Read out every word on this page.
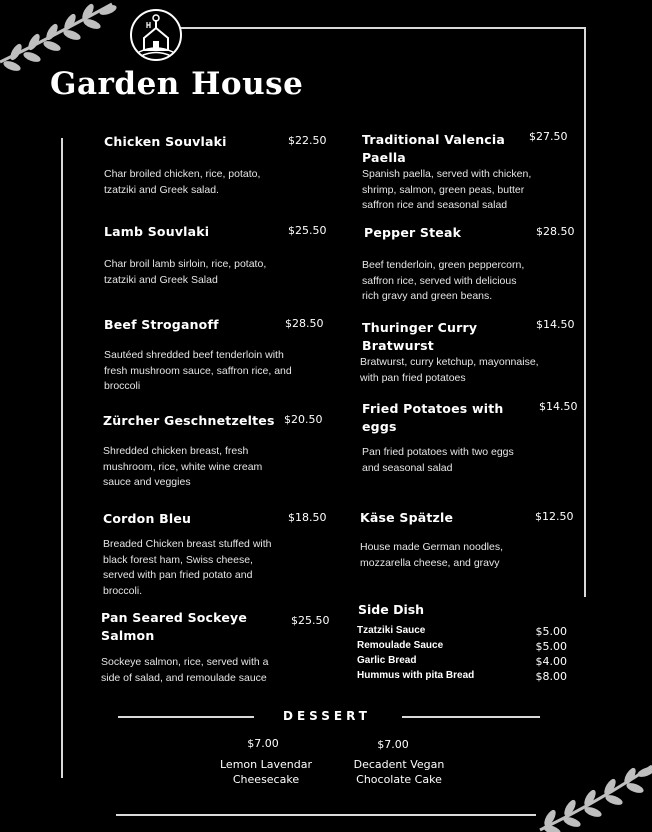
Garden House
Chicken Souvlaki	$22.50
Char broiled chicken, rice, potato, tzatziki and Greek salad.
Lamb Souvlaki	$25.50
Char broil lamb sirloin, rice, potato, tzatziki and Greek Salad
Beef Stroganoff	$28.50
Sautéed shredded beef tenderloin with fresh mushroom sauce, saffron rice, and broccoli
Zürcher Geschnetzeltes $20.50
Shredded chicken breast, fresh mushroom, rice, white wine cream sauce and veggies
Cordon Bleu	$18.50
Breaded Chicken breast stuffed with black forest ham, Swiss cheese, served with pan fried potato and broccoli.
Pan Seared Sockeye Salmon
$25.50
Sockeye salmon, rice, served with a side of salad, and remoulade sauce
Traditional Valencia Paella
$27.50
Spanish paella, served with chicken, shrimp, salmon, green peas, butter saffron rice and seasonal salad
Pepper Steak	$28.50
Beef tenderloin, green peppercorn, saffron rice, served with delicious rich gravy and green beans.
Thuringer Curry Bratwurst
$14.50
Bratwurst, curry ketchup, mayonnaise, with pan fried potatoes
Fried Potatoes with eggs
$14.50
Pan fried potatoes with two eggs and seasonal salad
Käse Spätzle	$12.50
House made German noodles, mozzarella cheese, and gravy
Side Dish
Tzatziki Sauce	$5.00
Remoulade Sauce	$5.00
Garlic Bread	$4.00
Hummus with pita Bread	$8.00
DESSERT
$7.00
Lemon Lavendar Cheesecake
$7.00
Decadent Vegan Chocolate Cake
